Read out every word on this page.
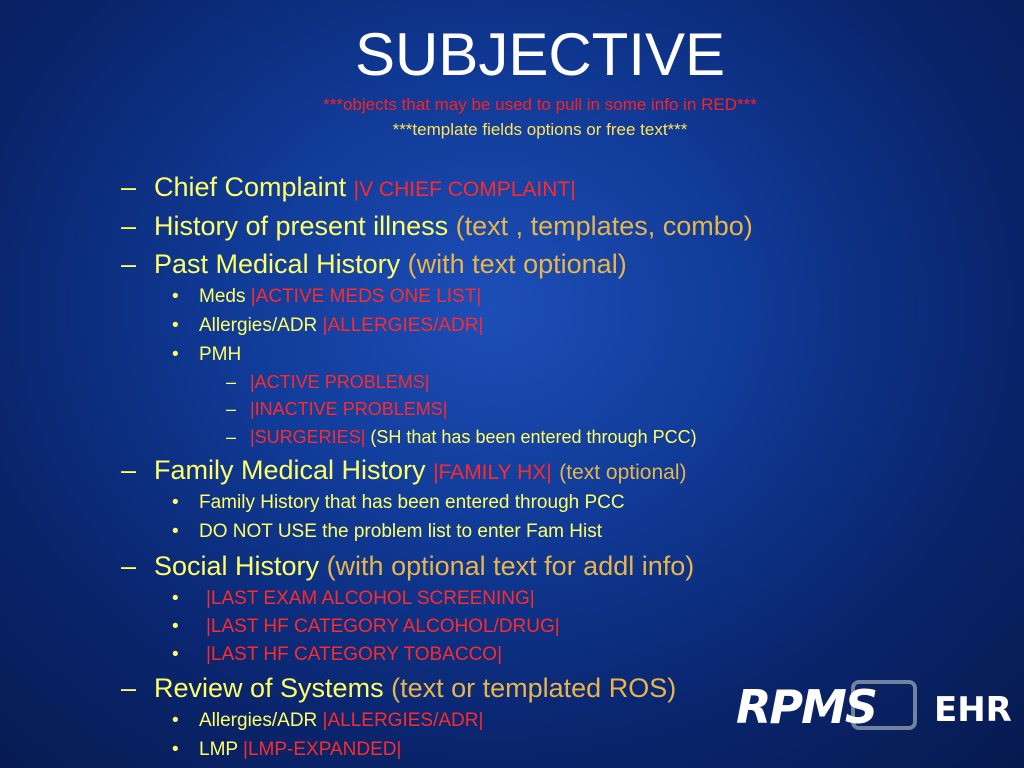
SUBJECTIVE
***objects that may be used to pull in some info in RED***
***template fields options or free text***
– Chief Complaint |V CHIEF COMPLAINT|
– History of present illness (text , templates, combo)
– Past Medical History (with text optional)
• Meds |ACTIVE MEDS ONE LIST|
• Allergies/ADR |ALLERGIES/ADR|
• PMH
– |ACTIVE PROBLEMS|
– |INACTIVE PROBLEMS|
– |SURGERIES| (SH that has been entered through PCC)
– Family Medical History |FAMILY HX| (text optional)
• Family History that has been entered through PCC
• DO NOT USE the problem list to enter Fam Hist
– Social History (with optional text for addl info)
• |LAST EXAM ALCOHOL SCREENING|
• |LAST HF CATEGORY ALCOHOL/DRUG|
• |LAST HF CATEGORY TOBACCO|
– Review of Systems (text or templated ROS) RPMS EHR
• Allergies/ADR |ALLERGIES/ADR|
• LMP |LMP-EXPANDED|
